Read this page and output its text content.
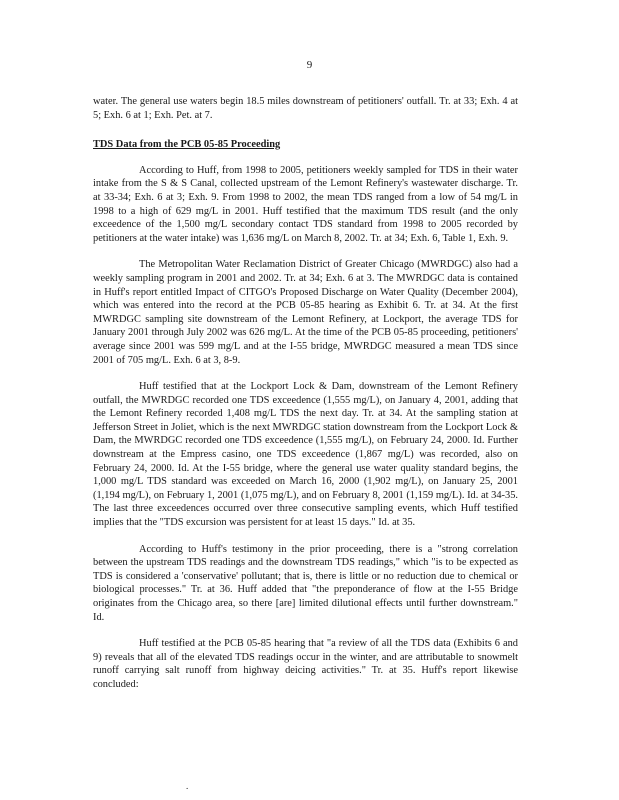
9

water. The general use waters begin 18.5 miles downstream of petitioners' outfall. Tr. at 33; Exh. 4 at 5; Exh. 6 at 1; Exh. Pet. at 7.

TDS Data from the PCB 05-85 Proceeding

According to Huff, from 1998 to 2005, petitioners weekly sampled for TDS in their water intake from the S & S Canal, collected upstream of the Lemont Refinery's wastewater discharge. Tr. at 33-34; Exh. 6 at 3; Exh. 9. From 1998 to 2002, the mean TDS ranged from a low of 54 mg/L in 1998 to a high of 629 mg/L in 2001. Huff testified that the maximum TDS result (and the only exceedence of the 1,500 mg/L secondary contact TDS standard from 1998 to 2005 recorded by petitioners at the water intake) was 1,636 mg/L on March 8, 2002. Tr. at 34; Exh. 6, Table 1, Exh. 9.

The Metropolitan Water Reclamation District of Greater Chicago (MWRDGC) also had a weekly sampling program in 2001 and 2002. Tr. at 34; Exh. 6 at 3. The MWRDGC data is contained in Huff's report entitled Impact of CITGO's Proposed Discharge on Water Quality (December 2004), which was entered into the record at the PCB 05-85 hearing as Exhibit 6. Tr. at 34. At the first MWRDGC sampling site downstream of the Lemont Refinery, at Lockport, the average TDS for January 2001 through July 2002 was 626 mg/L. At the time of the PCB 05-85 proceeding, petitioners' average since 2001 was 599 mg/L and at the I-55 bridge, MWRDGC measured a mean TDS since 2001 of 705 mg/L. Exh. 6 at 3, 8-9.

Huff testified that at the Lockport Lock & Dam, downstream of the Lemont Refinery outfall, the MWRDGC recorded one TDS exceedence (1,555 mg/L), on January 4, 2001, adding that the Lemont Refinery recorded 1,408 mg/L TDS the next day. Tr. at 34. At the sampling station at Jefferson Street in Joliet, which is the next MWRDGC station downstream from the Lockport Lock & Dam, the MWRDGC recorded one TDS exceedence (1,555 mg/L), on February 24, 2000. Id. Further downstream at the Empress casino, one TDS exceedence (1,867 mg/L) was recorded, also on February 24, 2000. Id. At the I-55 bridge, where the general use water quality standard begins, the 1,000 mg/L TDS standard was exceeded on March 16, 2000 (1,902 mg/L), on January 25, 2001 (1,194 mg/L), on February 1, 2001 (1,075 mg/L), and on February 8, 2001 (1,159 mg/L). Id. at 34-35. The last three exceedences occurred over three consecutive sampling events, which Huff testified implies that the "TDS excursion was persistent for at least 15 days." Id. at 35.

According to Huff's testimony in the prior proceeding, there is a "strong correlation between the upstream TDS readings and the downstream TDS readings," which "is to be expected as TDS is considered a 'conservative' pollutant; that is, there is little or no reduction due to chemical or biological processes." Tr. at 36. Huff added that "the preponderance of flow at the I-55 Bridge originates from the Chicago area, so there [are] limited dilutional effects until further downstream." Id.

Huff testified at the PCB 05-85 hearing that "a review of all the TDS data (Exhibits 6 and 9) reveals that all of the elevated TDS readings occur in the winter, and are attributable to snowmelt runoff carrying salt runoff from highway deicing activities." Tr. at 35. Huff's report likewise concluded:

.
